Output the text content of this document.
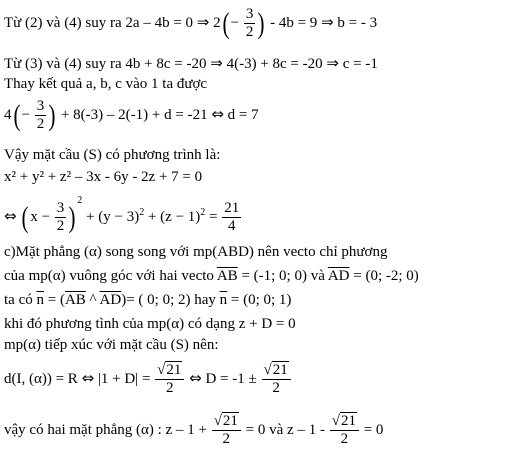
Từ (2) và (4) suy ra 2a – 4b = 0 ⇒ $2( - \frac{3}{2}$ ) - 4b = 9 ⇒ b = - 3
Từ (3) và (4) suy ra 4b + 8c = -20 ⇒ 4(-3) + 8c = -20 ⇒ c = -1
Thay kết quả a, b, c vào 1 ta được
$4( - \frac{3}{2}$ ) + 8(-3) – 2(-1) + d = -21 ⇔ d = 7
Vậy mặt cầu (S) có phương trình là:
x² + y² + z² – 3x - 6y - 2z + 7 = 0
⇔ ( $x - \frac{3}{2} )^2 + (y - 3)^2 + (z - 1)^2 = \frac{21}{4}$
c)Mặt phẳng (α) song song với mp(ABD) nên vecto chỉ phương
của mp(α) vuông góc với hai vecto $\overline{AB} = (-1$; 0; 0) và $\overline{AD} = (0$; -2; 0)
ta có $\overline{n} = (\overline{AB}$ ^ $\overline{AD})=$ ( 0; 0; 2) hay $\overline{n} = (0$; 0; 1)
khi đó phương tình của mp(α) có dạng z + D = 0
mp(α) tiếp xúc với mặt cầu (S) nên:
d(I, (α)) = R ⇔ $|1 + D| = \frac{√21}{2}$ ⇔ $D = -1 \pm \frac{√21}{2}$
vậy có hai mặt phẳng (α) : $z - 1 + \frac{√21}{2} = 0$ và $z - 1 - \frac{√21}{2} = 0$
